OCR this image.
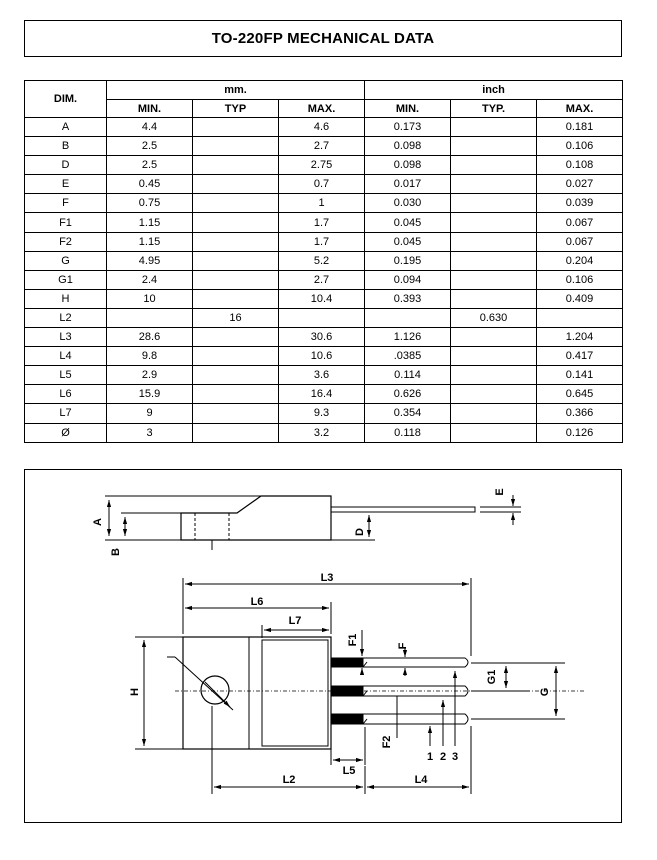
TO-220FP MECHANICAL DATA
DIM.	mm.			inch		
	MIN.	TYP	MAX.	MIN.	TYP.	MAX.
A	4.4		4.6	0.173		0.181
B	2.5		2.7	0.098		0.106
D	2.5		2.75	0.098		0.108
E	0.45		0.7	0.017		0.027
F	0.75		1	0.030		0.039
F1	1.15		1.7	0.045		0.067
F2	1.15		1.7	0.045		0.067
G	4.95		5.2	0.195		0.204
G1	2.4		2.7	0.094		0.106
H	10		10.4	0.393		0.409
L2		16			0.630	
L3	28.6		30.6	1.126		1.204
L4	9.8		10.6	.0385		0.417
L5	2.9		3.6	0.114		0.141
L6	15.9		16.4	0.626		0.645
L7	9		9.3	0.354		0.366
Ø	3		3.2	0.118		0.126
A
B
D
E
L3
L6
L7
H
F1	F
G1
G
F2
1 2 3
L5
L2	L4
